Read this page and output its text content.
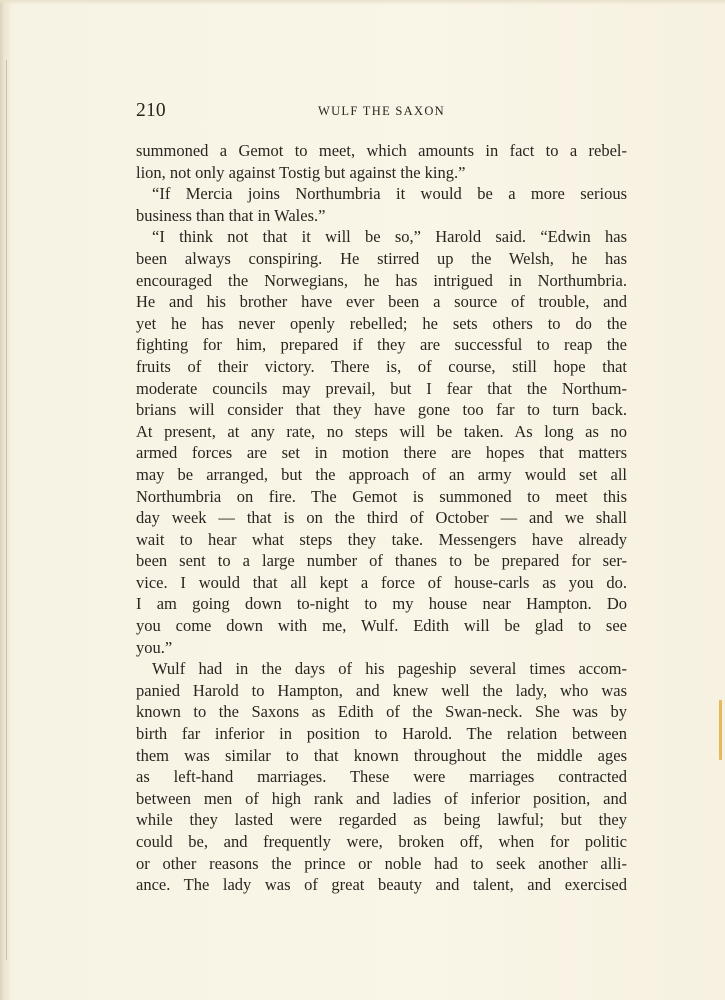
210	WULF THE SAXON
summoned a Gemot to meet, which amounts in fact to a rebel-
lion, not only against Tostig but against the king.”
“If Mercia joins Northumbria it would be a more serious
business than that in Wales.”
“I think not that it will be so,” Harold said. “Edwin has
been always conspiring. He stirred up the Welsh, he has
encouraged the Norwegians, he has intrigued in Northumbria.
He and his brother have ever been a source of trouble, and
yet he has never openly rebelled; he sets others to do the
fighting for him, prepared if they are successful to reap the
fruits of their victory. There is, of course, still hope that
moderate councils may prevail, but I fear that the Northum-
brians will consider that they have gone too far to turn back.
At present, at any rate, no steps will be taken. As long as no
armed forces are set in motion there are hopes that matters
may be arranged, but the approach of an army would set all
Northumbria on fire. The Gemot is summoned to meet this
day week — that is on the third of October — and we shall
wait to hear what steps they take. Messengers have already
been sent to a large number of thanes to be prepared for ser-
vice. I would that all kept a force of house-carls as you do.
I am going down to-night to my house near Hampton. Do
you come down with me, Wulf. Edith will be glad to see
you.”
Wulf had in the days of his pageship several times accom-
panied Harold to Hampton, and knew well the lady, who was
known to the Saxons as Edith of the Swan-neck. She was by
birth far inferior in position to Harold. The relation between
them was similar to that known throughout the middle ages
as left-hand marriages. These were marriages contracted
between men of high rank and ladies of inferior position, and
while they lasted were regarded as being lawful; but they
could be, and frequently were, broken off, when for politic
or other reasons the prince or noble had to seek another alli-
ance. The lady was of great beauty and talent, and exercised
